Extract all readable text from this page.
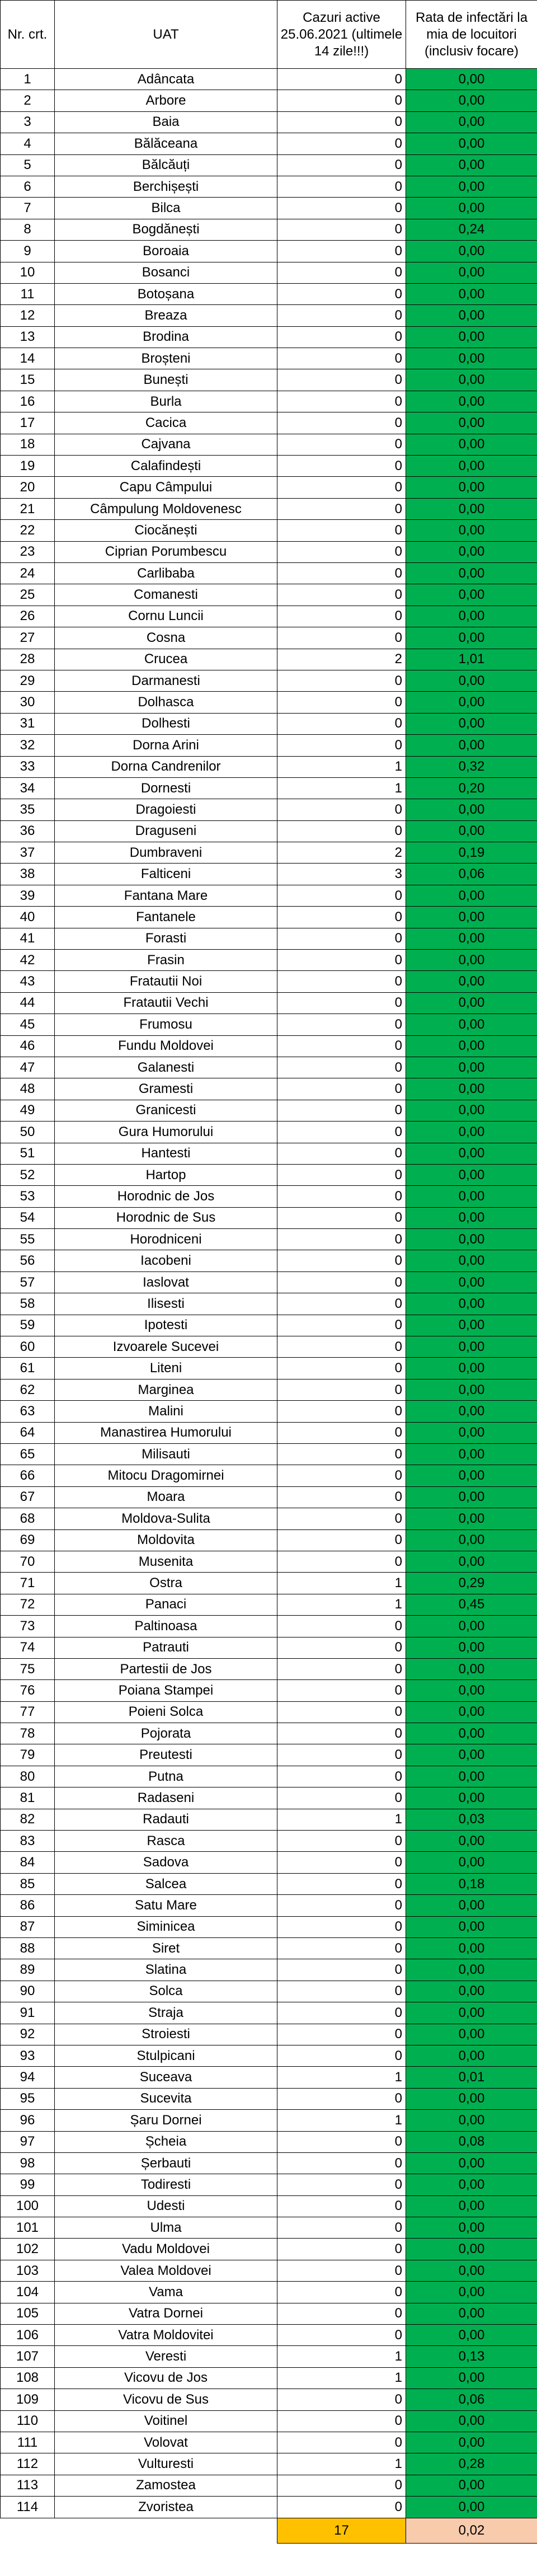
Nr. crt.	UAT	Cazuri active 25.06.2021 (ultimele 14 zile!!!)	Rata de infectări la mia de locuitori (inclusiv focare)
1	Adâncata	0	0,00
2	Arbore	0	0,00
3	Baia	0	0,00
4	Bălăceana	0	0,00
5	Bălcăuți	0	0,00
6	Berchișești	0	0,00
7	Bilca	0	0,00
8	Bogdănești	0	0,24
9	Boroaia	0	0,00
10	Bosanci	0	0,00
11	Botoșana	0	0,00
12	Breaza	0	0,00
13	Brodina	0	0,00
14	Broșteni	0	0,00
15	Bunești	0	0,00
16	Burla	0	0,00
17	Cacica	0	0,00
18	Cajvana	0	0,00
19	Calafindești	0	0,00
20	Capu Câmpului	0	0,00
21	Câmpulung Moldovenesc	0	0,00
22	Ciocănești	0	0,00
23	Ciprian Porumbescu	0	0,00
24	Carlibaba	0	0,00
25	Comanesti	0	0,00
26	Cornu Luncii	0	0,00
27	Cosna	0	0,00
28	Crucea	2	1,01
29	Darmanesti	0	0,00
30	Dolhasca	0	0,00
31	Dolhesti	0	0,00
32	Dorna Arini	0	0,00
33	Dorna Candrenilor	1	0,32
34	Dornesti	1	0,20
35	Dragoiesti	0	0,00
36	Draguseni	0	0,00
37	Dumbraveni	2	0,19
38	Falticeni	3	0,06
39	Fantana Mare	0	0,00
40	Fantanele	0	0,00
41	Forasti	0	0,00
42	Frasin	0	0,00
43	Fratautii Noi	0	0,00
44	Fratautii Vechi	0	0,00
45	Frumosu	0	0,00
46	Fundu Moldovei	0	0,00
47	Galanesti	0	0,00
48	Gramesti	0	0,00
49	Granicesti	0	0,00
50	Gura Humorului	0	0,00
51	Hantesti	0	0,00
52	Hartop	0	0,00
53	Horodnic de Jos	0	0,00
54	Horodnic de Sus	0	0,00
55	Horodniceni	0	0,00
56	Iacobeni	0	0,00
57	Iaslovat	0	0,00
58	Ilisesti	0	0,00
59	Ipotesti	0	0,00
60	Izvoarele Sucevei	0	0,00
61	Liteni	0	0,00
62	Marginea	0	0,00
63	Malini	0	0,00
64	Manastirea Humorului	0	0,00
65	Milisauti	0	0,00
66	Mitocu Dragomirnei	0	0,00
67	Moara	0	0,00
68	Moldova-Sulita	0	0,00
69	Moldovita	0	0,00
70	Musenita	0	0,00
71	Ostra	1	0,29
72	Panaci	1	0,45
73	Paltinoasa	0	0,00
74	Patrauti	0	0,00
75	Partestii de Jos	0	0,00
76	Poiana Stampei	0	0,00
77	Poieni Solca	0	0,00
78	Pojorata	0	0,00
79	Preutesti	0	0,00
80	Putna	0	0,00
81	Radaseni	0	0,00
82	Radauti	1	0,03
83	Rasca	0	0,00
84	Sadova	0	0,00
85	Salcea	0	0,18
86	Satu Mare	0	0,00
87	Siminicea	0	0,00
88	Siret	0	0,00
89	Slatina	0	0,00
90	Solca	0	0,00
91	Straja	0	0,00
92	Stroiesti	0	0,00
93	Stulpicani	0	0,00
94	Suceava	1	0,01
95	Sucevita	0	0,00
96	Șaru Dornei	1	0,00
97	Șcheia	0	0,08
98	Șerbauti	0	0,00
99	Todiresti	0	0,00
100	Udesti	0	0,00
101	Ulma	0	0,00
102	Vadu Moldovei	0	0,00
103	Valea Moldovei	0	0,00
104	Vama	0	0,00
105	Vatra Dornei	0	0,00
106	Vatra Moldovitei	0	0,00
107	Veresti	1	0,13
108	Vicovu de Jos	1	0,00
109	Vicovu de Sus	0	0,06
110	Voitinel	0	0,00
111	Volovat	0	0,00
112	Vulturesti	1	0,28
113	Zamostea	0	0,00
114	Zvoristea	0	0,00
		17	0,02
